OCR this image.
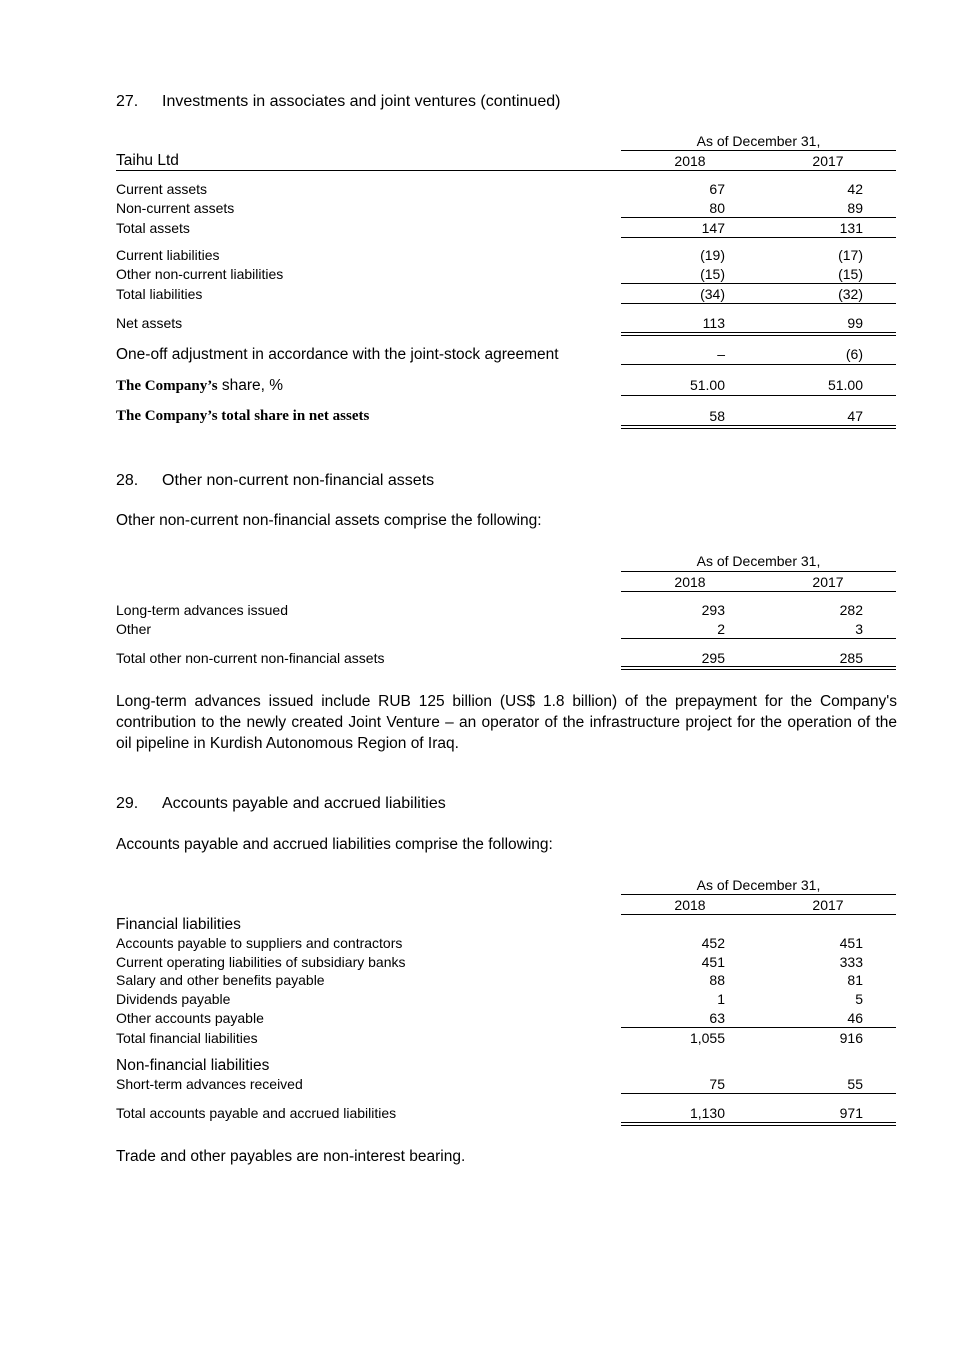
27. Investments in associates and joint ventures (continued)
As of December 31,
Taihu Ltd	2018	2017
Current assets	67	42
Non-current assets	80	89
Total assets	147	131
Current liabilities	(19)	(17)
Other non-current liabilities	(15)	(15)
Total liabilities	(34)	(32)
Net assets	113	99
One-off adjustment in accordance with the joint-stock agreement	–	(6)
The Company’s share, %	51.00	51.00
The Company’s total share in net assets	58	47
28. Other non-current non-financial assets
Other non-current non-financial assets comprise the following:
As of December 31,
2018	2017
Long-term advances issued	293	282
Other	2	3
Total other non-current non-financial assets	295	285
Long-term advances issued include RUB 125 billion (US$ 1.8 billion) of the prepayment for the Company's contribution to the newly created Joint Venture – an operator of the infrastructure project for the operation of the oil pipeline in Kurdish Autonomous Region of Iraq.
29. Accounts payable and accrued liabilities
Accounts payable and accrued liabilities comprise the following:
As of December 31,
2018	2017
Financial liabilities
Accounts payable to suppliers and contractors	452	451
Current operating liabilities of subsidiary banks	451	333
Salary and other benefits payable	88	81
Dividends payable	1	5
Other accounts payable	63	46
Total financial liabilities	1,055	916
Non-financial liabilities
Short-term advances received	75	55
Total accounts payable and accrued liabilities	1,130	971
Trade and other payables are non-interest bearing.
